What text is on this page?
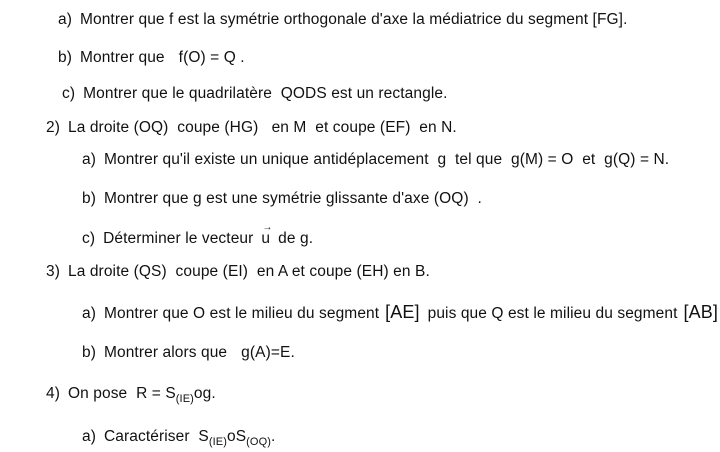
a) Montrer que f est la symétrie orthogonale d'axe la médiatrice du segment [FG].
b) Montrer que f(O) = Q .
c) Montrer que le quadrilatère  QODS est un rectangle.
2) La droite (OQ)  coupe (HG)   en M  et coupe (EF)  en N.
a) Montrer qu'il existe un unique antidéplacement  g  tel que  g(M) = O  et  g(Q) = N.
b) Montrer que g est une symétrie glissante d'axe (OQ)  .
c) Déterminer le vecteur
→
u de g.
3) La droite (QS)  coupe (EI)  en A et coupe (EH) en B.
a) Montrer que O est le milieu du segment [AE] puis que Q est le milieu du segment [AB]
b) Montrer alors que g(A)=E.
4) On pose  $R = S_{(IE)}og$.
a) Caractériser  $S_{(IE)}oS_{(OQ)}$.
